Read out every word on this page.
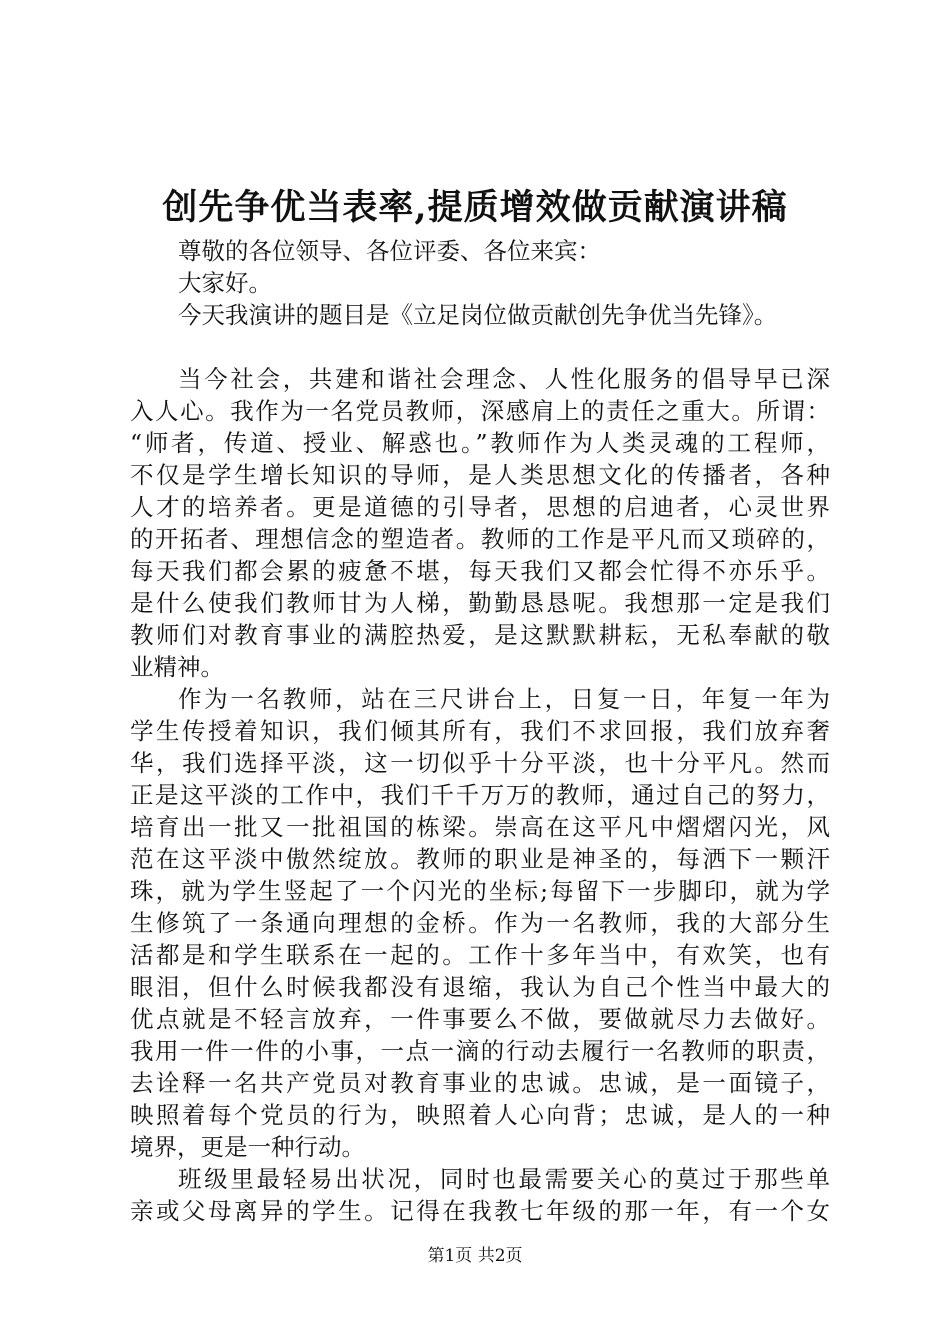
创先争优当表率,提质增效做贡献演讲稿
尊敬的各位领导、各位评委、各位来宾：
大家好。
今天我演讲的题目是《立足岗位做贡献创先争优当先锋》。
当今社会，共建和谐社会理念、人性化服务的倡导早已深
入人心。我作为一名党员教师，深感肩上的责任之重大。所谓：
“师者，传道、授业、解惑也。”教师作为人类灵魂的工程师，
不仅是学生增长知识的导师，是人类思想文化的传播者，各种
人才的培养者。更是道德的引导者，思想的启迪者，心灵世界
的开拓者、理想信念的塑造者。教师的工作是平凡而又琐碎的，
每天我们都会累的疲惫不堪，每天我们又都会忙得不亦乐乎。
是什么使我们教师甘为人梯，勤勤恳恳呢。我想那一定是我们
教师们对教育事业的满腔热爱，是这默默耕耘，无私奉献的敬
业精神。
作为一名教师，站在三尺讲台上，日复一日，年复一年为
学生传授着知识，我们倾其所有，我们不求回报，我们放弃奢
华，我们选择平淡，这一切似乎十分平淡，也十分平凡。然而
正是这平淡的工作中，我们千千万万的教师，通过自己的努力，
培育出一批又一批祖国的栋梁。崇高在这平凡中熠熠闪光，风
范在这平淡中傲然绽放。教师的职业是神圣的，每洒下一颗汗
珠，就为学生竖起了一个闪光的坐标;每留下一步脚印，就为学
生修筑了一条通向理想的金桥。作为一名教师，我的大部分生
活都是和学生联系在一起的。工作十多年当中，有欢笑，也有
眼泪，但什么时候我都没有退缩，我认为自己个性当中最大的
优点就是不轻言放弃，一件事要么不做，要做就尽力去做好。
我用一件一件的小事，一点一滴的行动去履行一名教师的职责，
去诠释一名共产党员对教育事业的忠诚。忠诚，是一面镜子，
映照着每个党员的行为，映照着人心向背；忠诚，是人的一种
境界，更是一种行动。
班级里最轻易出状况，同时也最需要关心的莫过于那些单
亲或父母离异的学生。记得在我教七年级的那一年，有一个女
第1页 共2页
